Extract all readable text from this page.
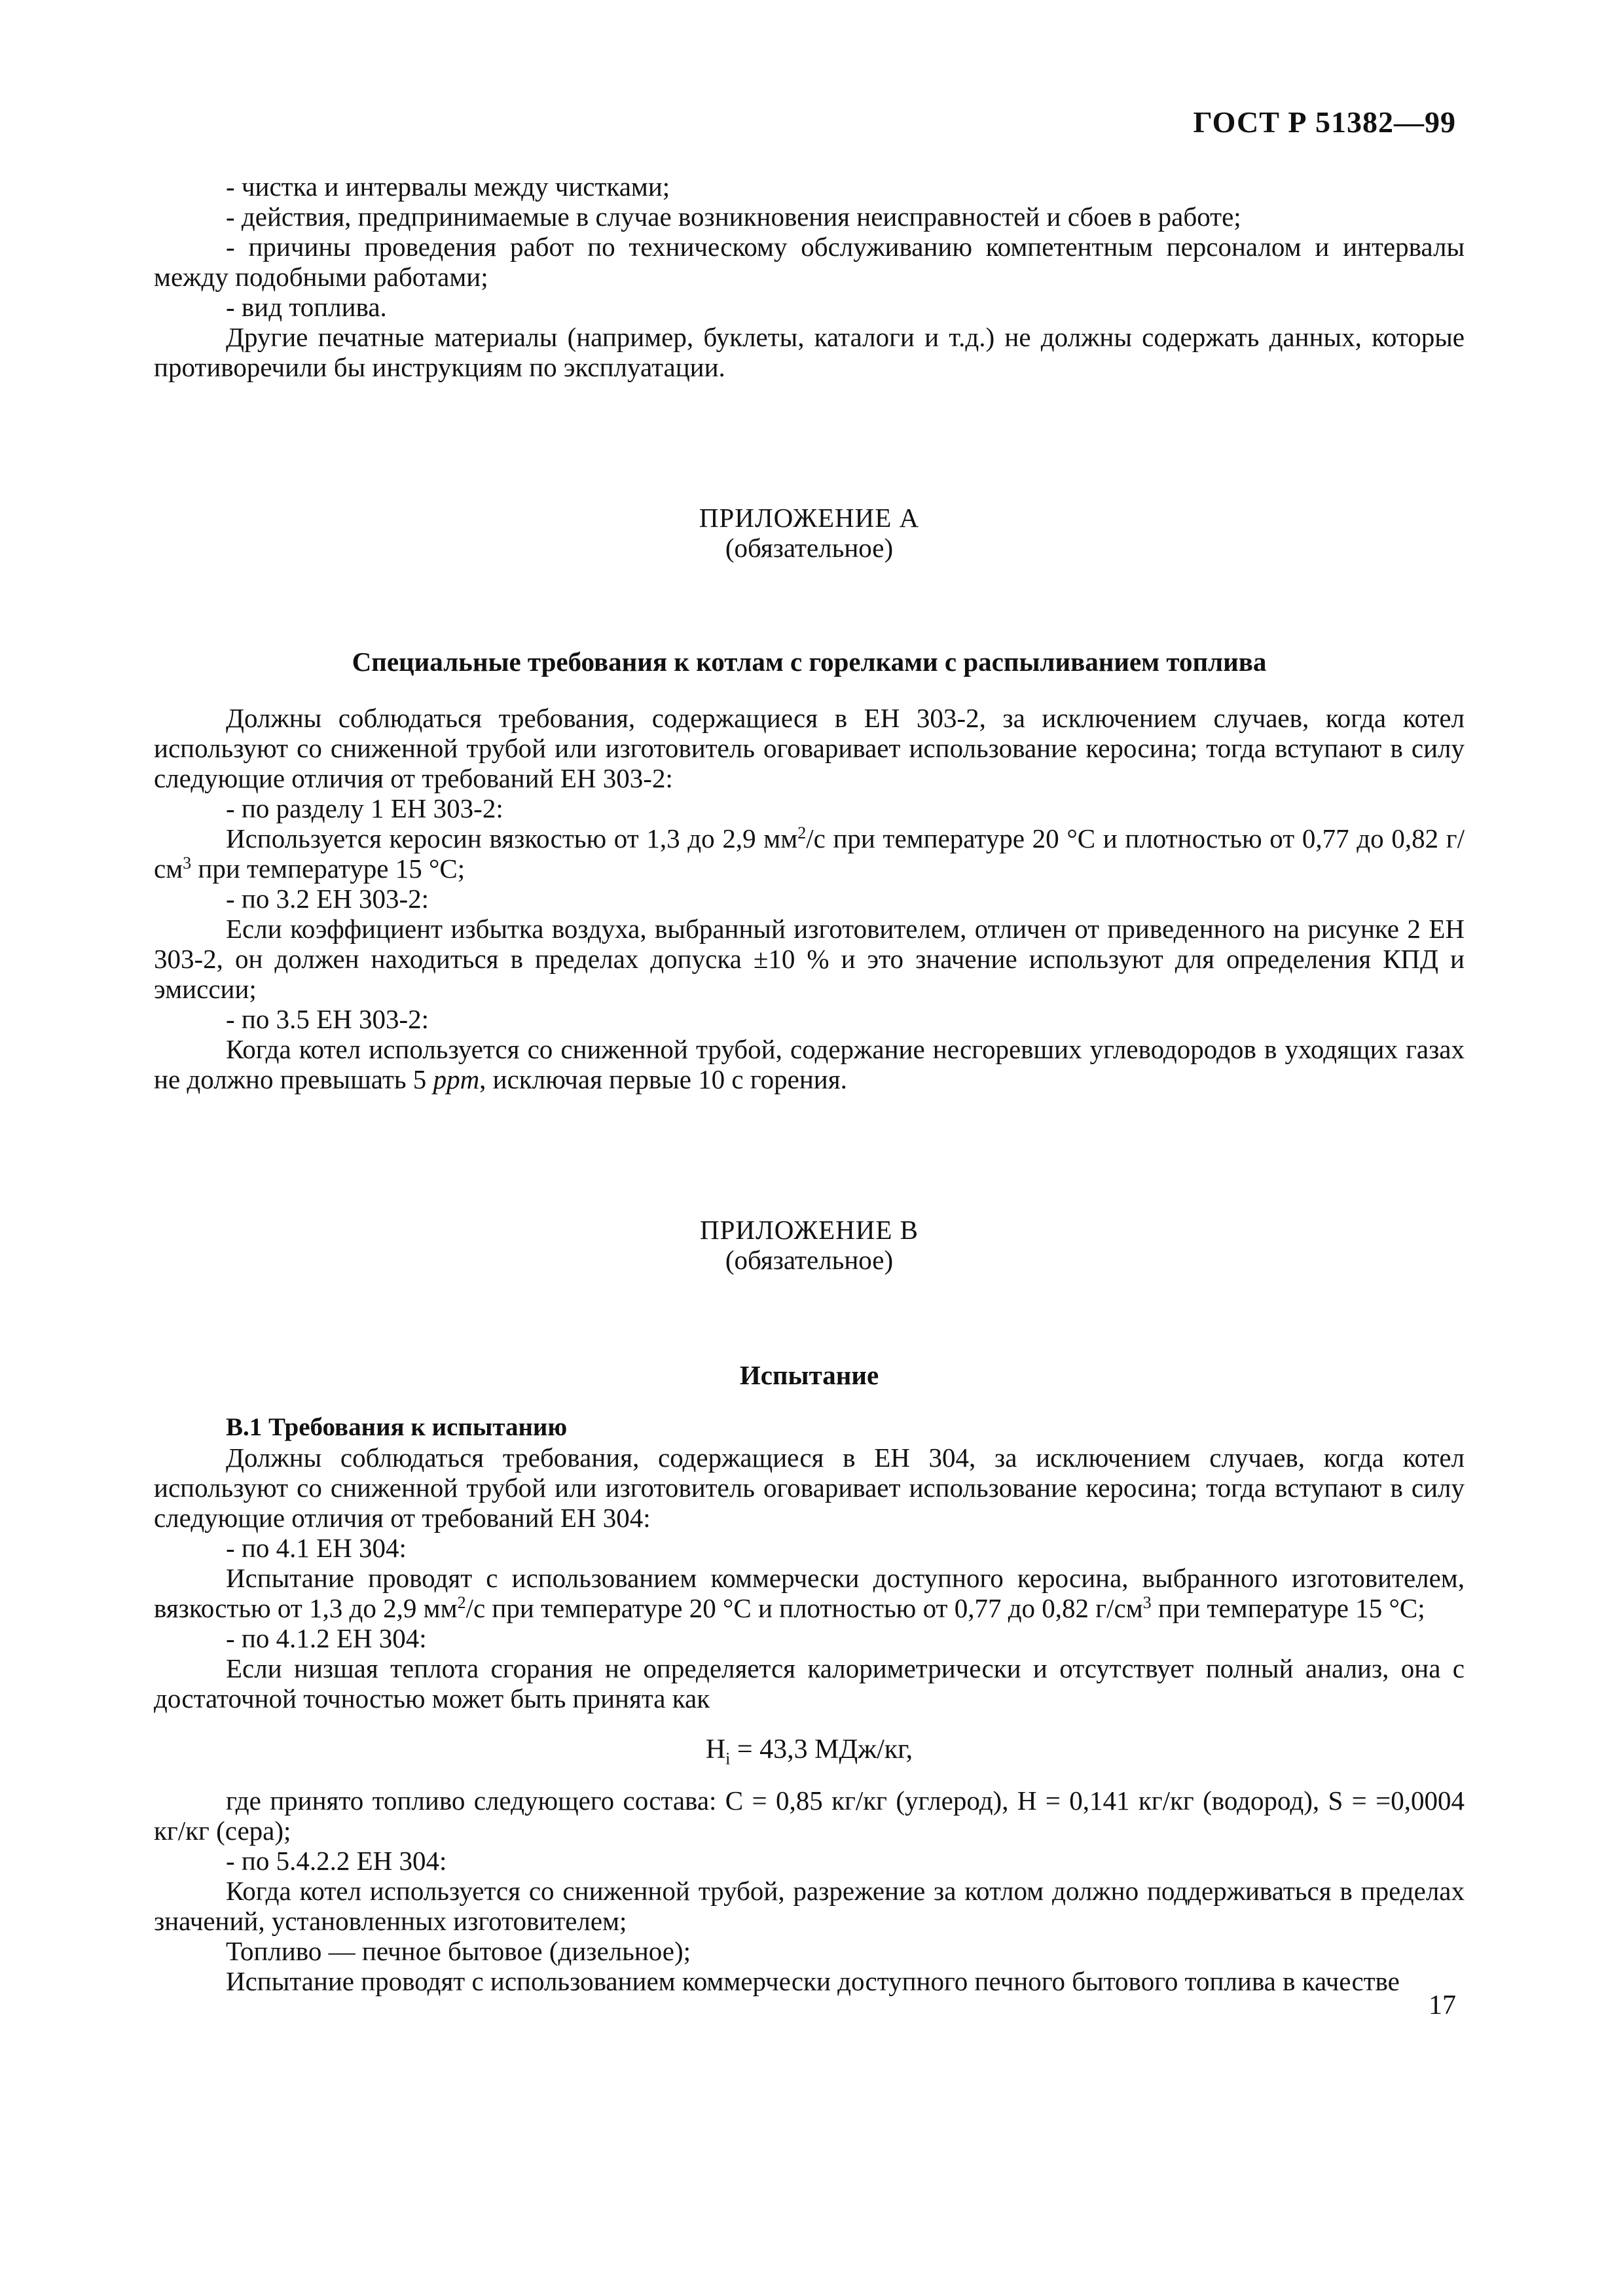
ГОСТ Р 51382—99

- чистка и интервалы между чистками;

- действия, предпринимаемые в случае возникновения неисправностей и сбоев в работе;

- причины проведения работ по техническому обслуживанию компетентным персоналом и интервалы между подобными работами;

- вид топлива.

Другие печатные материалы (например, буклеты, каталоги и т.д.) не должны содержать данных, которые противоречили бы инструкциям по эксплуатации.

ПРИЛОЖЕНИЕ А

(обязательное)

Специальные требования к котлам с горелками с распыливанием топлива

Должны соблюдаться требования, содержащиеся в ЕН 303-2, за исключением случаев, когда котел используют со сниженной трубой или изготовитель оговаривает использование керосина; тогда вступают в силу следующие отличия от требований ЕН 303-2:

- по разделу 1 ЕН 303-2:

Используется керосин вязкостью от 1,3 до 2,9 $мм^2/с$ при температуре 20 °С и плотностью от 0,77 до 0,82 $г/см^3$ при температуре 15 °С;

- по 3.2 ЕН 303-2:

Если коэффициент избытка воздуха, выбранный изготовителем, отличен от приведенного на рисунке 2 ЕН 303-2, он должен находиться в пределах допуска ±10 % и это значение используют для определения КПД и эмиссии;

- по 3.5 ЕН 303-2:

Когда котел используется со сниженной трубой, содержание несгоревших углеводородов в уходящих газах не должно превышать 5 ppm, исключая первые 10 с горения.

ПРИЛОЖЕНИЕ В

(обязательное)

Испытание

В.1 Требования к испытанию

Должны соблюдаться требования, содержащиеся в ЕН 304, за исключением случаев, когда котел используют со сниженной трубой или изготовитель оговаривает использование керосина; тогда вступают в силу следующие отличия от требований ЕН 304:

- по 4.1 ЕН 304:

Испытание проводят с использованием коммерчески доступного керосина, выбранного изготовителем, вязкостью от 1,3 до 2,9 $мм^2/с$ при температуре 20 °С и плотностью от 0,77 до 0,82 $г/см^3$ при температуре 15 °С;

- по 4.1.2 ЕН 304:

Если низшая теплота сгорания не определяется калориметрически и отсутствует полный анализ, она с достаточной точностью может быть принята как

$H_i = 43,3$ МДж/кг,

где принято топливо следующего состава: С = 0,85 кг/кг (углерод), Н = 0,141 кг/кг (водород), S = =0,0004 кг/кг (сера);

- по 5.4.2.2 ЕН 304:

Когда котел используется со сниженной трубой, разрежение за котлом должно поддерживаться в пределах значений, установленных изготовителем;

Топливо — печное бытовое (дизельное);

Испытание проводят с использованием коммерчески доступного печного бытового топлива в качестве

17
